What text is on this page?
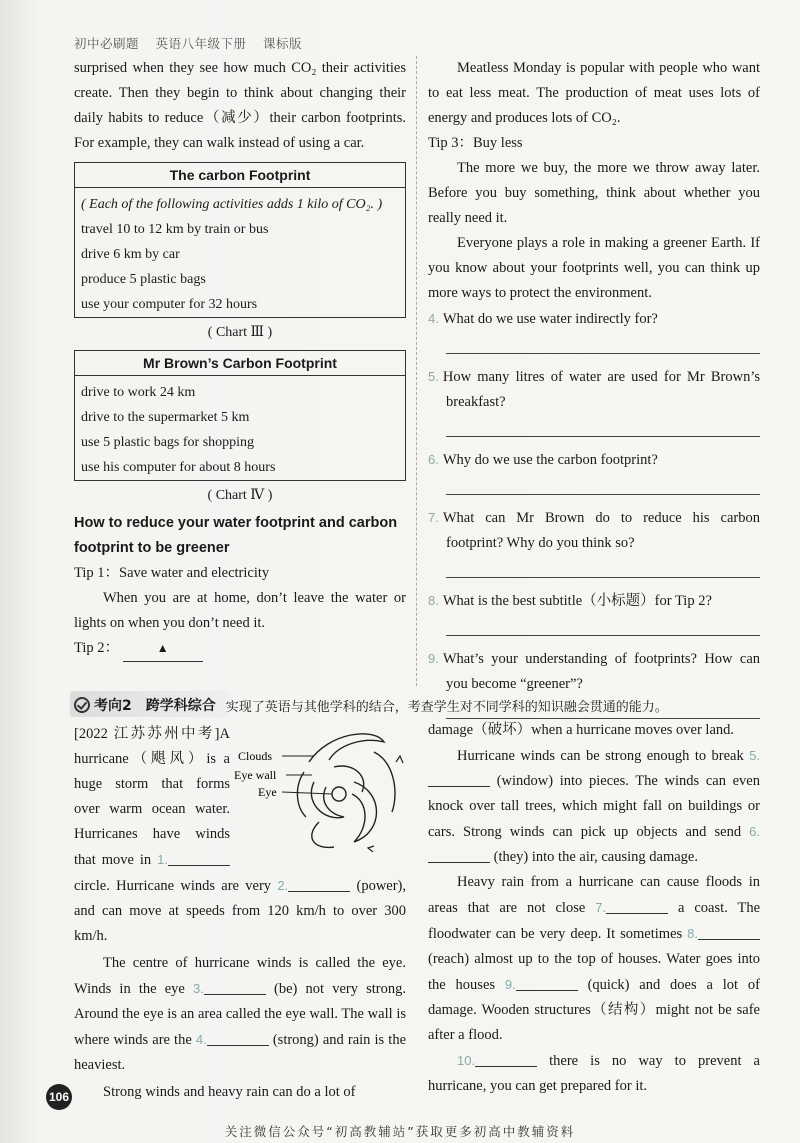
初中必刷题 英语八年级下册 课标版

surprised when they see how much CO₂ their activities create. Then they begin to think about changing their daily habits to reduce（减少）their carbon footprints. For example, they can walk instead of using a car.

The carbon Footprint
( Each of the following activities adds 1 kilo of CO₂. )
travel 10 to 12 km by train or bus
drive 6 km by car
produce 5 plastic bags
use your computer for 32 hours
( Chart Ⅲ )
Mr Brown’s Carbon Footprint
drive to work 24 km
drive to the supermarket 5 km
use 5 plastic bags for shopping
use his computer for about 8 hours
( Chart Ⅳ )
How to reduce your water footprint and carbon footprint to be greener

Tip 1：Save water and electricity

When you are at home, don’t leave the water or lights on when you don’t need it.

Tip 2：	▲

Meatless Monday is popular with people who want to eat less meat. The production of meat uses lots of energy and produces lots of CO₂.

Tip 3：Buy less

The more we buy, the more we throw away later. Before you buy something, think about whether you really need it.

Everyone plays a role in making a greener Earth. If you know about your footprints well, you can think up more ways to protect the environment.

4. What do we use water indirectly for?
5. How many litres of water are used for Mr Brown’s breakfast?
6. Why do we use the carbon footprint?
7. What can Mr Brown do to reduce his carbon footprint? Why do you think so?
8. What is the best subtitle（小标题）for Tip 2?
9. What’s your understanding of footprints? How can you become “greener”?
考向2　跨学科综合 实现了英语与其他学科的结合，考查学生对不同学科的知识融会贯通的能力。
Clouds
Eye wall
Eye

[2022 江苏苏州中考]A hurricane（飓风）is a huge storm that forms over warm ocean water. Hurricanes have winds that move in 1. circle. Hurricane winds are very 2.	(power), and can move at speeds from 120 km/h to over 300 km/h.

The centre of hurricane winds is called the eye. Winds in the eye 3.	(be) not very strong. Around the eye is an area called the eye wall. The wall is where winds are the 4.	(strong) and rain is the heaviest.

Strong winds and heavy rain can do a lot of

damage（破坏）when a hurricane moves over land.

Hurricane winds can be strong enough to break 5. (window) into pieces. The winds can even knock over tall trees, which might fall on buildings or cars. Strong winds can pick up objects and send 6. (they) into the air, causing damage.

Heavy rain from a hurricane can cause floods in areas that are not close 7.	a coast. The floodwater can be very deep. It sometimes 8. (reach) almost up to the top of houses. Water goes into the houses 9.	(quick) and does a lot of damage. Wooden structures（结构）might not be safe after a flood.

10.	there is no way to prevent a hurricane, you can get prepared for it.

106
关注微信公众号“初高教辅站”获取更多初高中教辅资料
